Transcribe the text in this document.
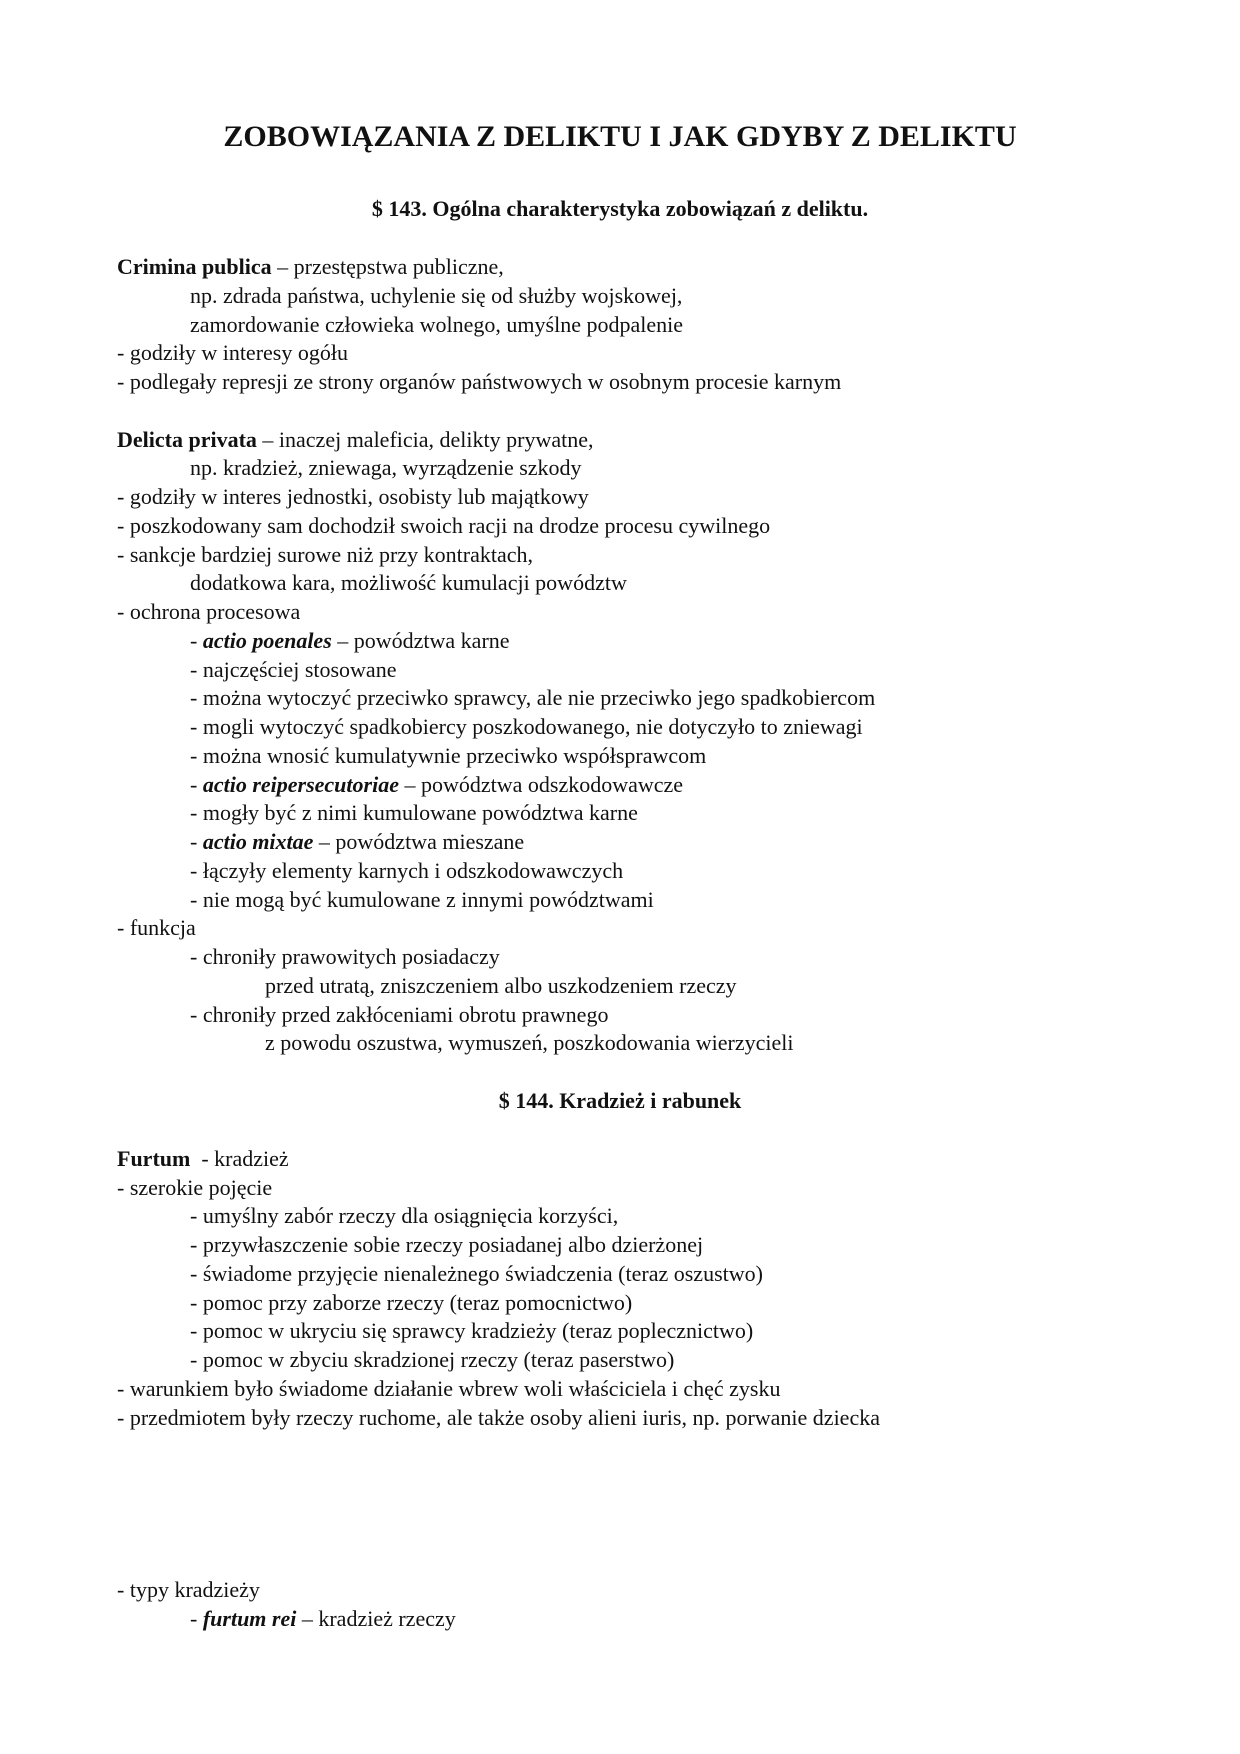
ZOBOWIĄZANIA Z DELIKTU I JAK GDYBY Z DELIKTU
$ 143. Ogólna charakterystyka zobowiązań z deliktu.
Crimina publica – przestępstwa publiczne,
np. zdrada państwa, uchylenie się od służby wojskowej,
zamordowanie człowieka wolnego, umyślne podpalenie
- godziły w interesy ogółu
- podlegały represji ze strony organów państwowych w osobnym procesie karnym
Delicta privata – inaczej maleficia, delikty prywatne,
np. kradzież, zniewaga, wyrządzenie szkody
- godziły w interes jednostki, osobisty lub majątkowy
- poszkodowany sam dochodził swoich racji na drodze procesu cywilnego
- sankcje bardziej surowe niż przy kontraktach,
dodatkowa kara, możliwość kumulacji powództw
- ochrona procesowa
- actio poenales – powództwa karne
- najczęściej stosowane
- można wytoczyć przeciwko sprawcy, ale nie przeciwko jego spadkobiercom
- mogli wytoczyć spadkobiercy poszkodowanego, nie dotyczyło to zniewagi
- można wnosić kumulatywnie przeciwko współsprawcom
- actio reipersecutoriae – powództwa odszkodowawcze
- mogły być z nimi kumulowane powództwa karne
- actio mixtae – powództwa mieszane
- łączyły elementy karnych i odszkodowawczych
- nie mogą być kumulowane z innymi powództwami
- funkcja
- chroniły prawowitych posiadaczy
przed utratą, zniszczeniem albo uszkodzeniem rzeczy
- chroniły przed zakłóceniami obrotu prawnego
z powodu oszustwa, wymuszeń, poszkodowania wierzycieli
$ 144. Kradzież i rabunek
Furtum  - kradzież
- szerokie pojęcie
- umyślny zabór rzeczy dla osiągnięcia korzyści,
- przywłaszczenie sobie rzeczy posiadanej albo dzierżonej
- świadome przyjęcie nienależnego świadczenia (teraz oszustwo)
- pomoc przy zaborze rzeczy (teraz pomocnictwo)
- pomoc w ukryciu się sprawcy kradzieży (teraz poplecznictwo)
- pomoc w zbyciu skradzionej rzeczy (teraz paserstwo)
- warunkiem było świadome działanie wbrew woli właściciela i chęć zysku
- przedmiotem były rzeczy ruchome, ale także osoby alieni iuris, np. porwanie dziecka
- typy kradzieży
- furtum rei – kradzież rzeczy
